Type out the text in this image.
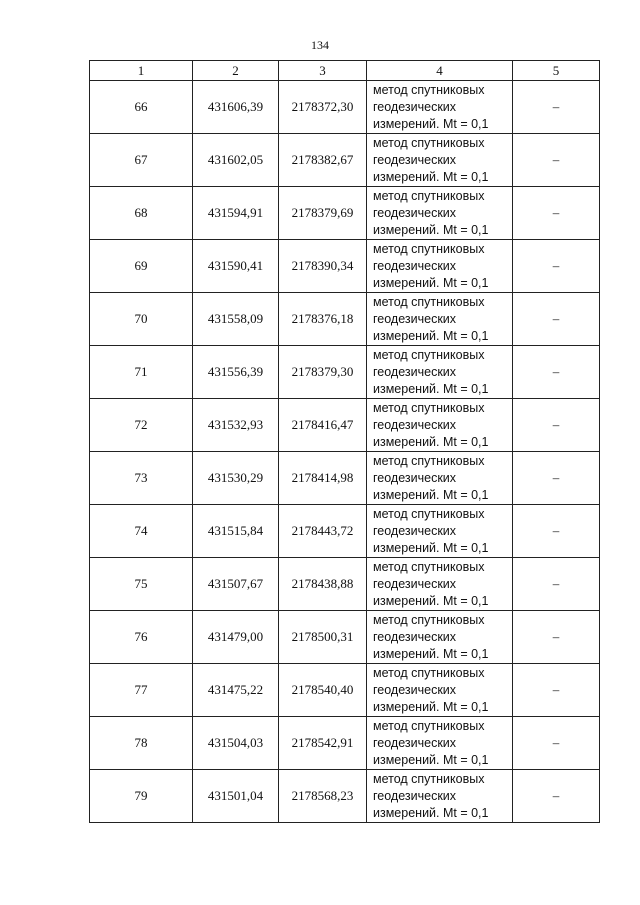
134
1	2	3	4	5
66	431606,39	2178372,30	метод спутниковых
геодезических
измерений. Mt = 0,1	–
67	431602,05	2178382,67	метод спутниковых
геодезических
измерений. Mt = 0,1	–
68	431594,91	2178379,69	метод спутниковых
геодезических
измерений. Mt = 0,1	–
69	431590,41	2178390,34	метод спутниковых
геодезических
измерений. Mt = 0,1	–
70	431558,09	2178376,18	метод спутниковых
геодезических
измерений. Mt = 0,1	–
71	431556,39	2178379,30	метод спутниковых
геодезических
измерений. Mt = 0,1	–
72	431532,93	2178416,47	метод спутниковых
геодезических
измерений. Mt = 0,1	–
73	431530,29	2178414,98	метод спутниковых
геодезических
измерений. Mt = 0,1	–
74	431515,84	2178443,72	метод спутниковых
геодезических
измерений. Mt = 0,1	–
75	431507,67	2178438,88	метод спутниковых
геодезических
измерений. Mt = 0,1	–
76	431479,00	2178500,31	метод спутниковых
геодезических
измерений. Mt = 0,1	–
77	431475,22	2178540,40	метод спутниковых
геодезических
измерений. Mt = 0,1	–
78	431504,03	2178542,91	метод спутниковых
геодезических
измерений. Mt = 0,1	–
79	431501,04	2178568,23	метод спутниковых
геодезических
измерений. Mt = 0,1	–
